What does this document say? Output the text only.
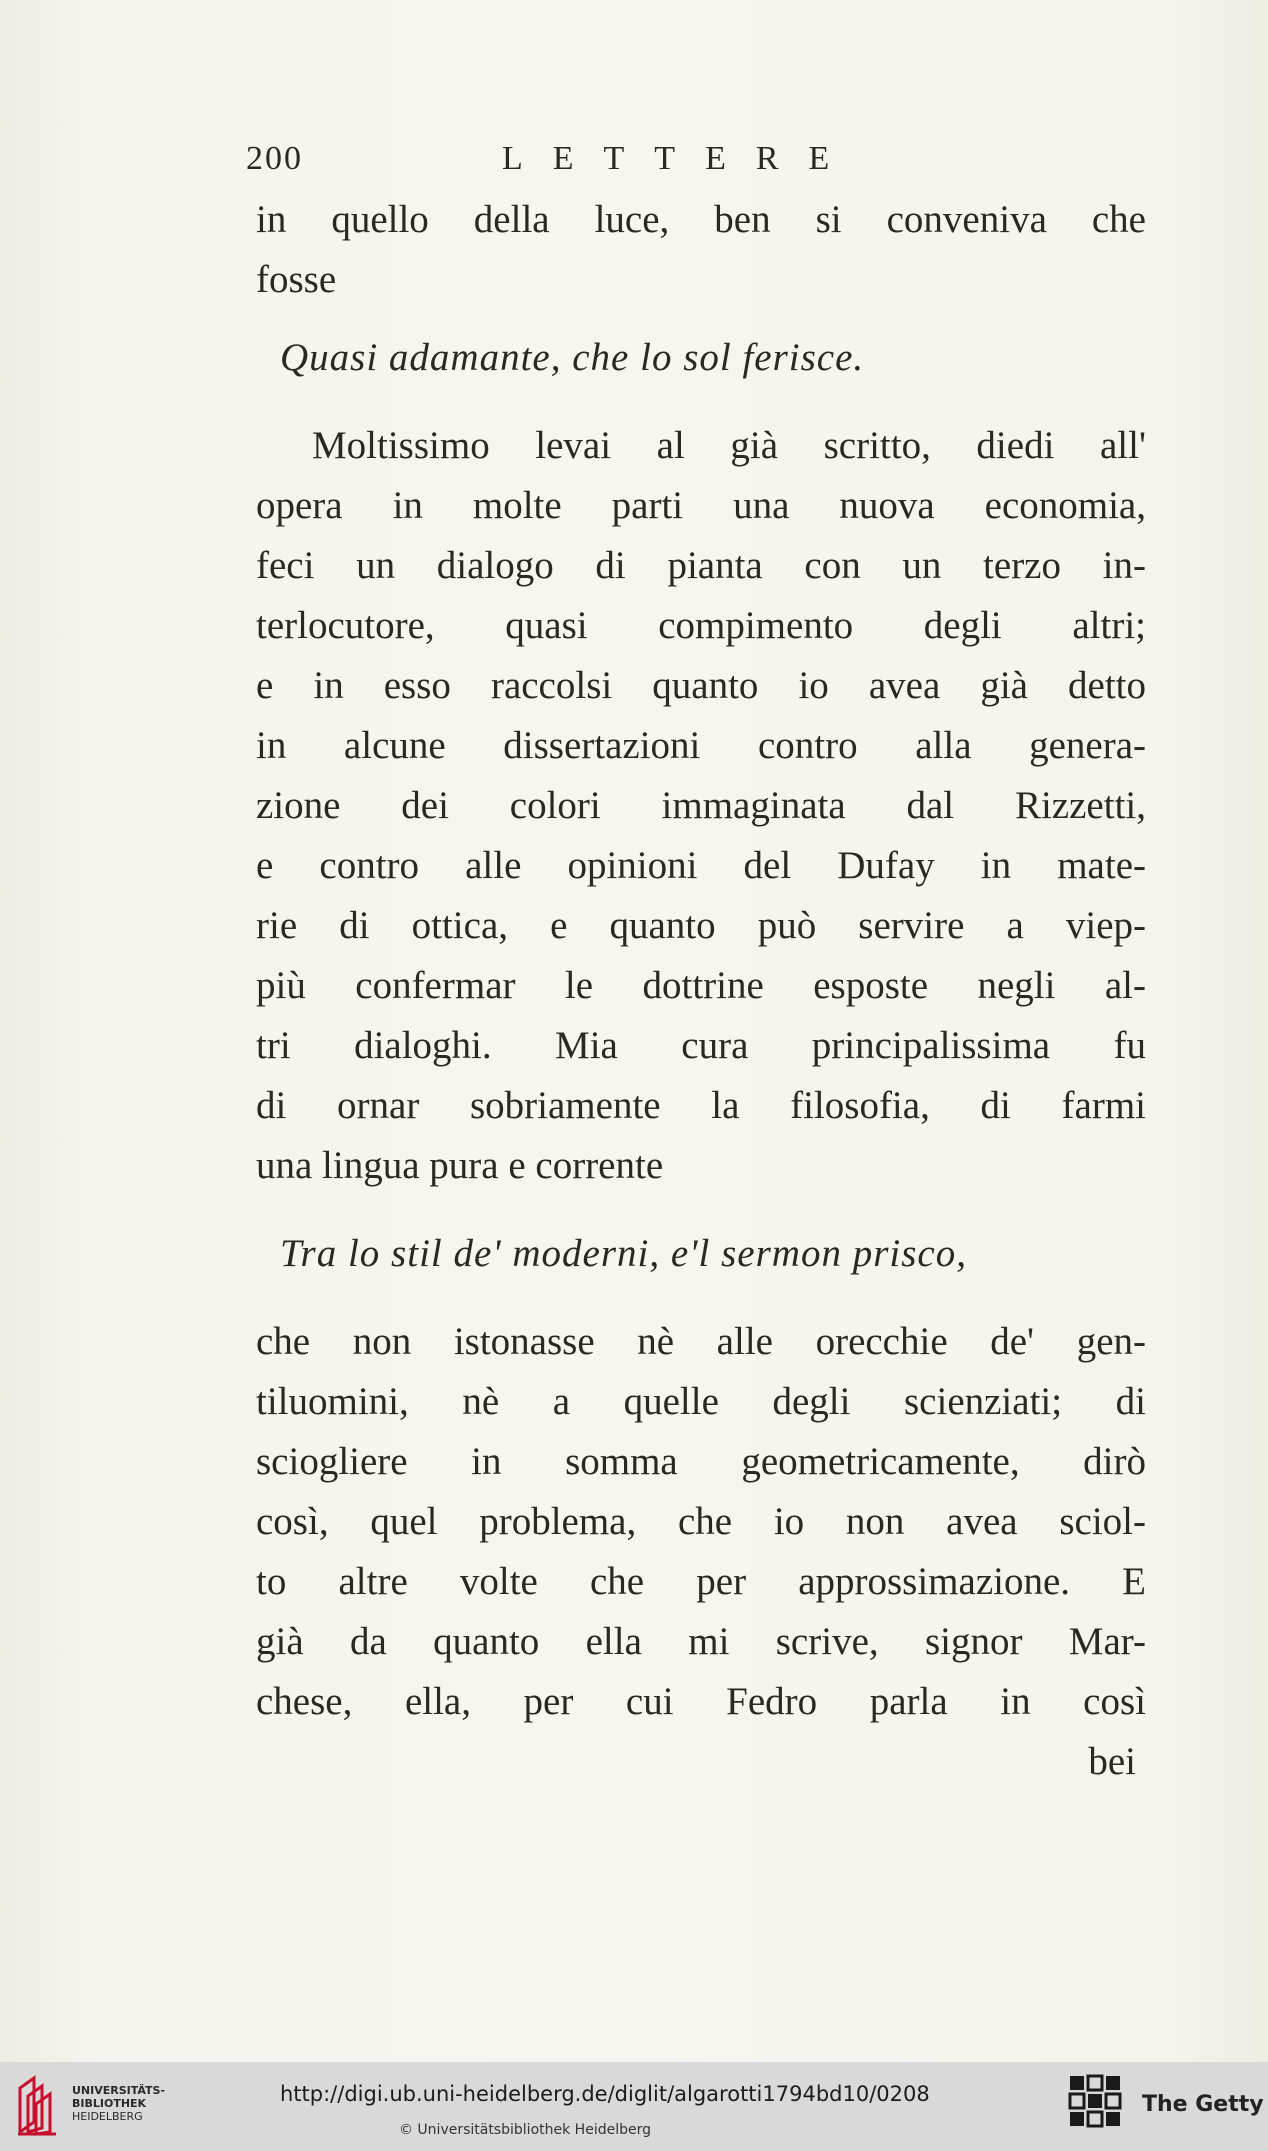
200	LETTERE
in quello della luce, ben si conveniva che
fosse
Quasi adamante, che lo sol ferisce.
Moltissimo levai al già scritto, diedi all'
opera in molte parti una nuova economia,
feci un dialogo di pianta con un terzo in-
terlocutore, quasi compimento degli altri;
e in esso raccolsi quanto io avea già detto
in alcune dissertazioni contro alla genera-
zione dei colori immaginata dal Rizzetti,
e contro alle opinioni del Dufay in mate-
rie di ottica, e quanto può servire a viep-
più confermar le dottrine esposte negli al-
tri dialoghi. Mia cura principalissima fu
di ornar sobriamente la filosofia, di farmi
una lingua pura e corrente
Tra lo stil de' moderni, e'l sermon prisco,
che non istonasse nè alle orecchie de' gen-
tiluomini, nè a quelle degli scienziati; di
sciogliere in somma geometricamente, dirò
così, quel problema, che io non avea sciol-
to altre volte che per approssimazione. E
già da quanto ella mi scrive, signor Mar-
chese, ella, per cui Fedro parla in così
bei
UNIVERSITÄTS-
BIBLIOTHEK
HEIDELBERG
http://digi.ub.uni-heidelberg.de/diglit/algarotti1794bd10/0208
© Universitätsbibliothek Heidelberg
The Getty
